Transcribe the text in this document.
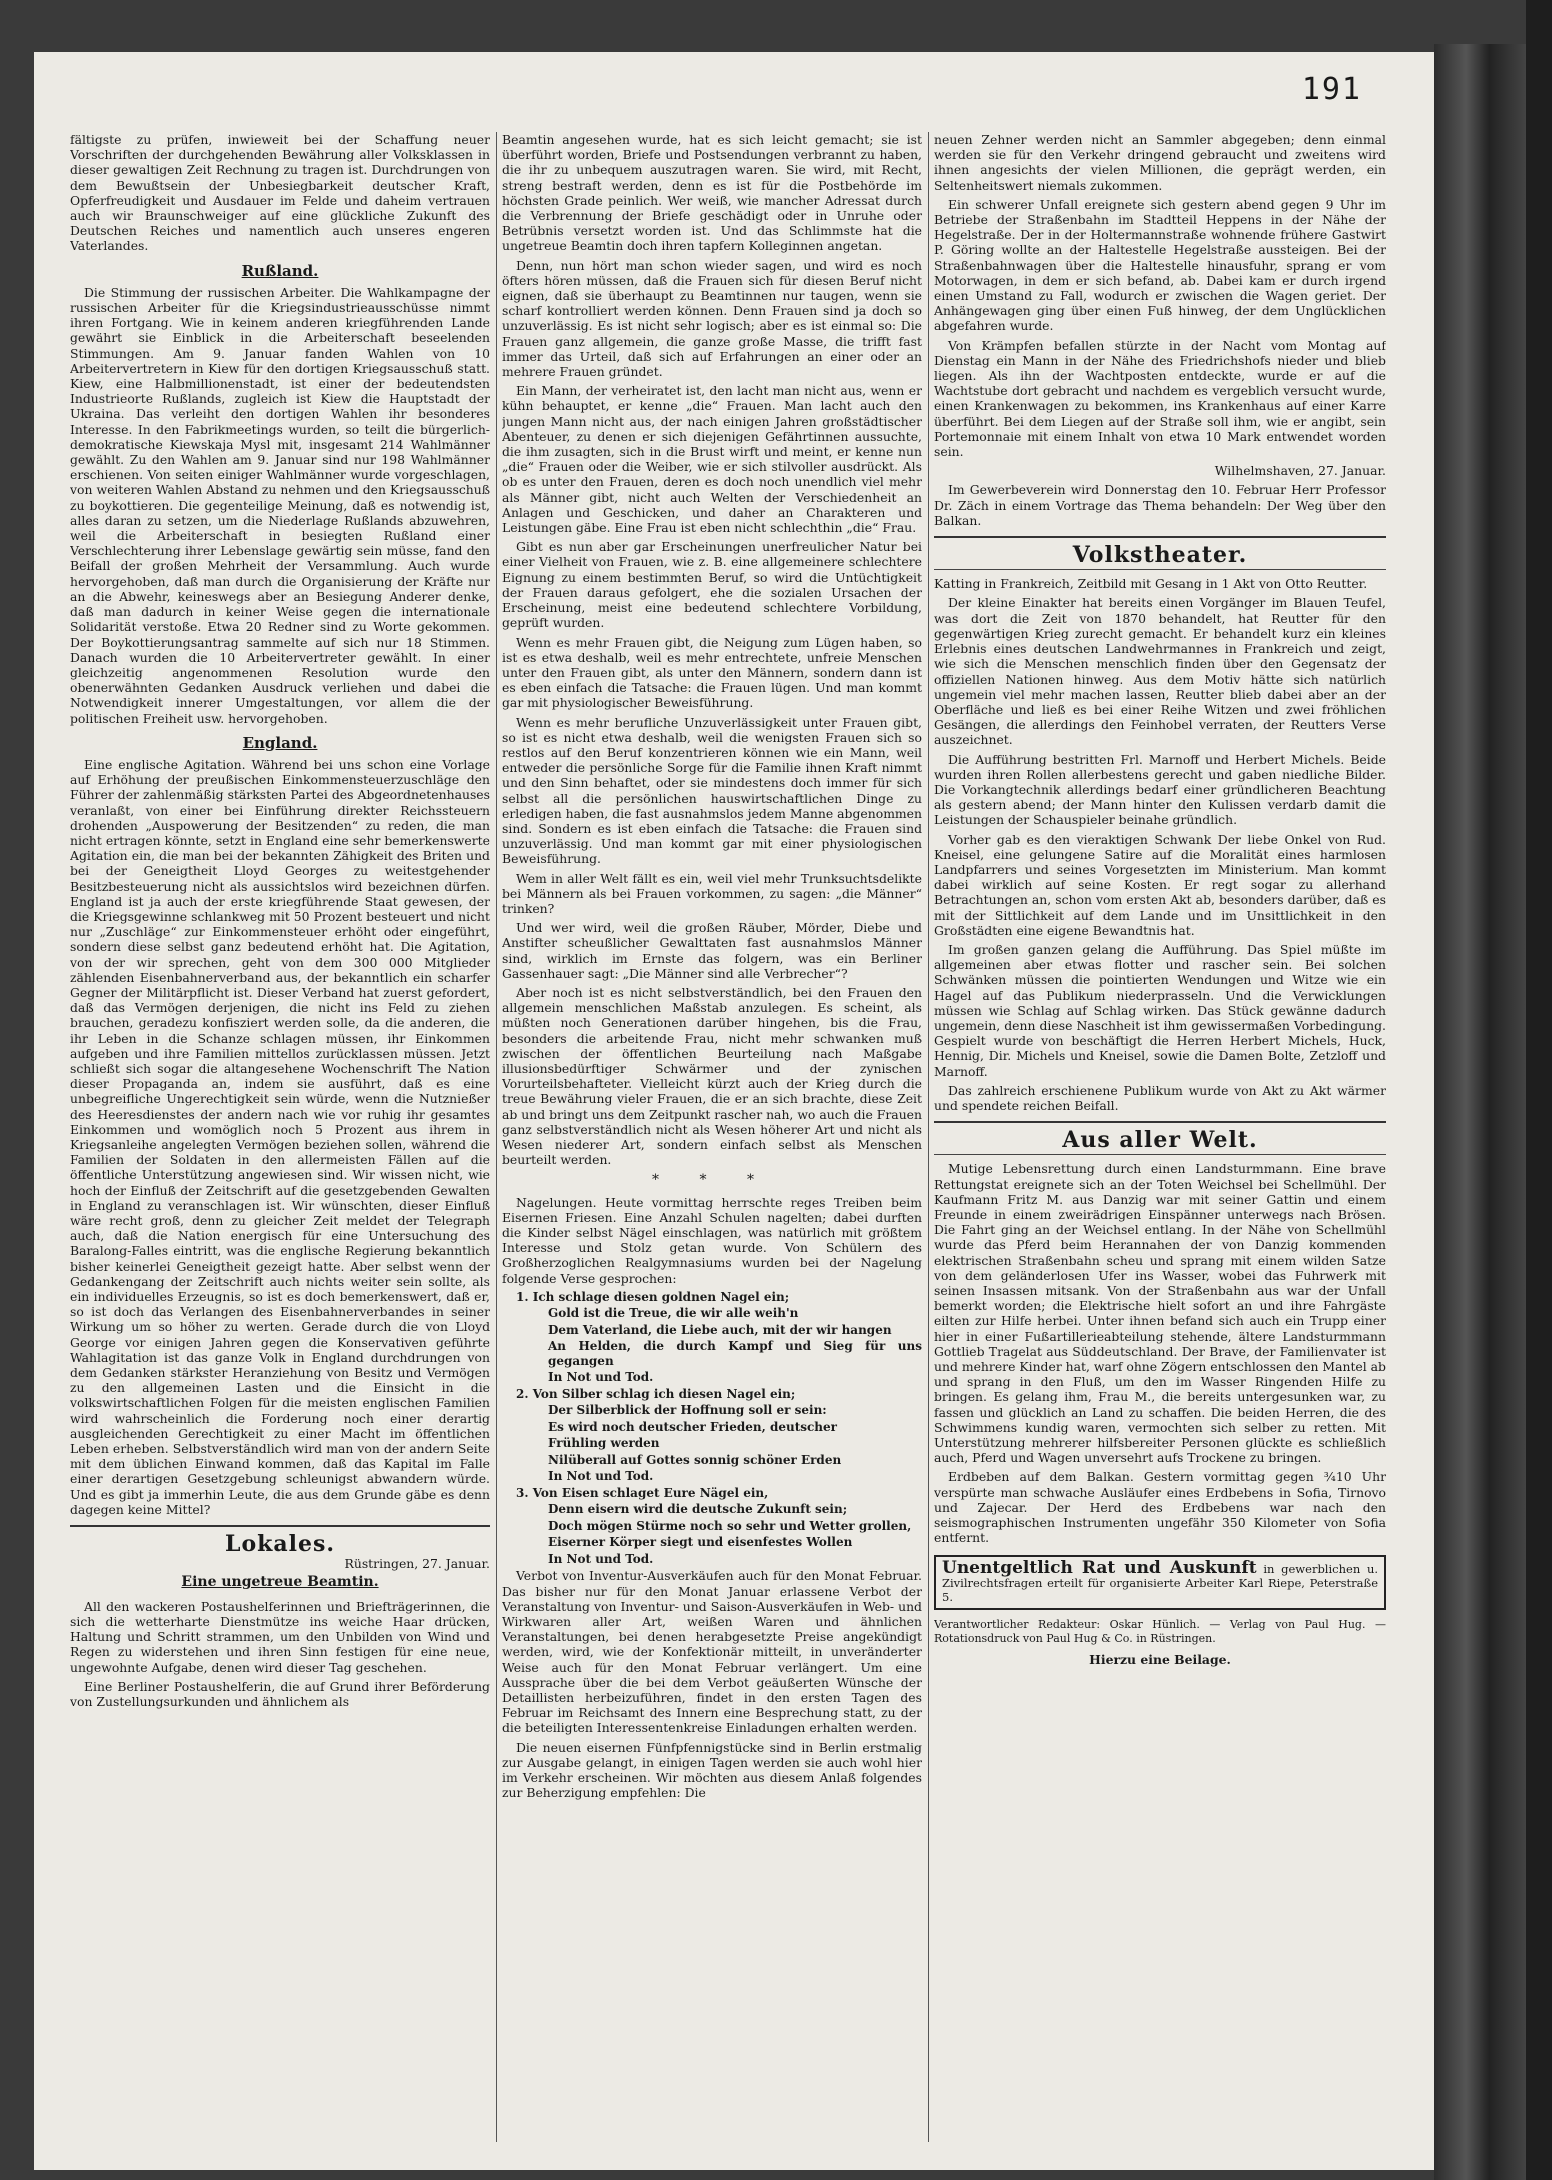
191

fältigste zu prüfen, inwieweit bei der Schaffung neuer Vorschriften der durchgehenden Bewährung aller Volksklassen in dieser gewaltigen Zeit Rechnung zu tragen ist. Durchdrungen von dem Bewußtsein der Unbesiegbarkeit deutscher Kraft, Opferfreudigkeit und Ausdauer im Felde und daheim vertrauen auch wir Braunschweiger auf eine glückliche Zukunft des Deutschen Reiches und namentlich auch unseres engeren Vaterlandes.

Rußland.

Die Stimmung der russischen Arbeiter. Die Wahlkampagne der russischen Arbeiter für die Kriegsindustrieausschüsse nimmt ihren Fortgang. Wie in keinem anderen kriegführenden Lande gewährt sie Einblick in die Arbeiterschaft beseelenden Stimmungen. Am 9. Januar fanden Wahlen von 10 Arbeitervertretern in Kiew für den dortigen Kriegsausschuß statt. Kiew, eine Halbmillionenstadt, ist einer der bedeutendsten Industrieorte Rußlands, zugleich ist Kiew die Hauptstadt der Ukraina. Das verleiht den dortigen Wahlen ihr besonderes Interesse. In den Fabrikmeetings wurden, so teilt die bürgerlich-demokratische Kiewskaja Mysl mit, insgesamt 214 Wahlmänner gewählt. Zu den Wahlen am 9. Januar sind nur 198 Wahlmänner erschienen. Von seiten einiger Wahlmänner wurde vorgeschlagen, von weiteren Wahlen Abstand zu nehmen und den Kriegsausschuß zu boykottieren. Die gegenteilige Meinung, daß es notwendig ist, alles daran zu setzen, um die Niederlage Rußlands abzuwehren, weil die Arbeiterschaft in besiegten Rußland einer Verschlechterung ihrer Lebenslage gewärtig sein müsse, fand den Beifall der großen Mehrheit der Versammlung. Auch wurde hervorgehoben, daß man durch die Organisierung der Kräfte nur an die Abwehr, keineswegs aber an Besiegung Anderer denke, daß man dadurch in keiner Weise gegen die internationale Solidarität verstoße. Etwa 20 Redner sind zu Worte gekommen. Der Boykottierungsantrag sammelte auf sich nur 18 Stimmen. Danach wurden die 10 Arbeitervertreter gewählt. In einer gleichzeitig angenommenen Resolution wurde den obenerwähnten Gedanken Ausdruck verliehen und dabei die Notwendigkeit innerer Umgestaltungen, vor allem die der politischen Freiheit usw. hervorgehoben.

England.

Eine englische Agitation. Während bei uns schon eine Vorlage auf Erhöhung der preußischen Einkommensteuerzuschläge den Führer der zahlenmäßig stärksten Partei des Abgeordnetenhauses veranlaßt, von einer bei Einführung direkter Reichssteuern drohenden „Auspowerung der Besitzenden“ zu reden, die man nicht ertragen könnte, setzt in England eine sehr bemerkenswerte Agitation ein, die man bei der bekannten Zähigkeit des Briten und bei der Geneigtheit Lloyd Georges zu weitestgehender Besitzbesteuerung nicht als aussichtslos wird bezeichnen dürfen. England ist ja auch der erste kriegführende Staat gewesen, der die Kriegsgewinne schlankweg mit 50 Prozent besteuert und nicht nur „Zuschläge“ zur Einkommensteuer erhöht oder eingeführt, sondern diese selbst ganz bedeutend erhöht hat. Die Agitation, von der wir sprechen, geht von dem 300 000 Mitglieder zählenden Eisenbahnerverband aus, der bekanntlich ein scharfer Gegner der Militärpflicht ist. Dieser Verband hat zuerst gefordert, daß das Vermögen derjenigen, die nicht ins Feld zu ziehen brauchen, geradezu konfisziert werden solle, da die anderen, die ihr Leben in die Schanze schlagen müssen, ihr Einkommen aufgeben und ihre Familien mittellos zurücklassen müssen. Jetzt schließt sich sogar die altangesehene Wochenschrift The Nation dieser Propaganda an, indem sie ausführt, daß es eine unbegreifliche Ungerechtigkeit sein würde, wenn die Nutznießer des Heeresdienstes der andern nach wie vor ruhig ihr gesamtes Einkommen und womöglich noch 5 Prozent aus ihrem in Kriegsanleihe angelegten Vermögen beziehen sollen, während die Familien der Soldaten in den allermeisten Fällen auf die öffentliche Unterstützung angewiesen sind. Wir wissen nicht, wie hoch der Einfluß der Zeitschrift auf die gesetzgebenden Gewalten in England zu veranschlagen ist. Wir wünschten, dieser Einfluß wäre recht groß, denn zu gleicher Zeit meldet der Telegraph auch, daß die Nation energisch für eine Untersuchung des Baralong-Falles eintritt, was die englische Regierung bekanntlich bisher keinerlei Geneigtheit gezeigt hatte. Aber selbst wenn der Gedankengang der Zeitschrift auch nichts weiter sein sollte, als ein individuelles Erzeugnis, so ist es doch bemerkenswert, daß er, so ist doch das Verlangen des Eisenbahnerverbandes in seiner Wirkung um so höher zu werten. Gerade durch die von Lloyd George vor einigen Jahren gegen die Konservativen geführte Wahlagitation ist das ganze Volk in England durchdrungen von dem Gedanken stärkster Heranziehung von Besitz und Vermögen zu den allgemeinen Lasten und die Einsicht in die volkswirtschaftlichen Folgen für die meisten englischen Familien wird wahrscheinlich die Forderung noch einer derartig ausgleichenden Gerechtigkeit zu einer Macht im öffentlichen Leben erheben. Selbstverständlich wird man von der andern Seite mit dem üblichen Einwand kommen, daß das Kapital im Falle einer derartigen Gesetzgebung schleunigst abwandern würde. Und es gibt ja immerhin Leute, die aus dem Grunde gäbe es denn dagegen keine Mittel?

Lokales.
Rüstringen, 27. Januar.
Eine ungetreue Beamtin.

All den wackeren Postaushelferinnen und Briefträgerinnen, die sich die wetterharte Dienstmütze ins weiche Haar drücken, Haltung und Schritt strammen, um den Unbilden von Wind und Regen zu widerstehen und ihren Sinn festigen für eine neue, ungewohnte Aufgabe, denen wird dieser Tag geschehen.

Eine Berliner Postaushelferin, die auf Grund ihrer Beförderung von Zustellungsurkunden und ähnlichem als

Beamtin angesehen wurde, hat es sich leicht gemacht; sie ist überführt worden, Briefe und Postsendungen verbrannt zu haben, die ihr zu unbequem auszutragen waren. Sie wird, mit Recht, streng bestraft werden, denn es ist für die Postbehörde im höchsten Grade peinlich. Wer weiß, wie mancher Adressat durch die Verbrennung der Briefe geschädigt oder in Unruhe oder Betrübnis versetzt worden ist. Und das Schlimmste hat die ungetreue Beamtin doch ihren tapfern Kolleginnen angetan.

Denn, nun hört man schon wieder sagen, und wird es noch öfters hören müssen, daß die Frauen sich für diesen Beruf nicht eignen, daß sie überhaupt zu Beamtinnen nur taugen, wenn sie scharf kontrolliert werden können. Denn Frauen sind ja doch so unzuverlässig. Es ist nicht sehr logisch; aber es ist einmal so: Die Frauen ganz allgemein, die ganze große Masse, die trifft fast immer das Urteil, daß sich auf Erfahrungen an einer oder an mehrere Frauen gründet.

Ein Mann, der verheiratet ist, den lacht man nicht aus, wenn er kühn behauptet, er kenne „die“ Frauen. Man lacht auch den jungen Mann nicht aus, der nach einigen Jahren großstädtischer Abenteuer, zu denen er sich diejenigen Gefährtinnen aussuchte, die ihm zusagten, sich in die Brust wirft und meint, er kenne nun „die“ Frauen oder die Weiber, wie er sich stilvoller ausdrückt. Als ob es unter den Frauen, deren es doch noch unendlich viel mehr als Männer gibt, nicht auch Welten der Verschiedenheit an Anlagen und Geschicken, und daher an Charakteren und Leistungen gäbe. Eine Frau ist eben nicht schlechthin „die“ Frau.

Gibt es nun aber gar Erscheinungen unerfreulicher Natur bei einer Vielheit von Frauen, wie z. B. eine allgemeinere schlechtere Eignung zu einem bestimmten Beruf, so wird die Untüchtigkeit der Frauen daraus gefolgert, ehe die sozialen Ursachen der Erscheinung, meist eine bedeutend schlechtere Vorbildung, geprüft wurden.

Wenn es mehr Frauen gibt, die Neigung zum Lügen haben, so ist es etwa deshalb, weil es mehr entrechtete, unfreie Menschen unter den Frauen gibt, als unter den Männern, sondern dann ist es eben einfach die Tatsache: die Frauen lügen. Und man kommt gar mit physiologischer Beweisführung.

Wenn es mehr berufliche Unzuverlässigkeit unter Frauen gibt, so ist es nicht etwa deshalb, weil die wenigsten Frauen sich so restlos auf den Beruf konzentrieren können wie ein Mann, weil entweder die persönliche Sorge für die Familie ihnen Kraft nimmt und den Sinn behaftet, oder sie mindestens doch immer für sich selbst all die persönlichen hauswirtschaftlichen Dinge zu erledigen haben, die fast ausnahmslos jedem Manne abgenommen sind. Sondern es ist eben einfach die Tatsache: die Frauen sind unzuverlässig. Und man kommt gar mit einer physiologischen Beweisführung.

Wem in aller Welt fällt es ein, weil viel mehr Trunksuchtsdelikte bei Männern als bei Frauen vorkommen, zu sagen: „die Männer“ trinken?

Und wer wird, weil die großen Räuber, Mörder, Diebe und Anstifter scheußlicher Gewalttaten fast ausnahmslos Männer sind, wirklich im Ernste das folgern, was ein Berliner Gassenhauer sagt: „Die Männer sind alle Verbrecher“?

Aber noch ist es nicht selbstverständlich, bei den Frauen den allgemein menschlichen Maßstab anzulegen. Es scheint, als müßten noch Generationen darüber hingehen, bis die Frau, besonders die arbeitende Frau, nicht mehr schwanken muß zwischen der öffentlichen Beurteilung nach Maßgabe illusionsbedürftiger Schwärmer und der zynischen Vorurteilsbehafteter. Vielleicht kürzt auch der Krieg durch die treue Bewährung vieler Frauen, die er an sich brachte, diese Zeit ab und bringt uns dem Zeitpunkt rascher nah, wo auch die Frauen ganz selbstverständlich nicht als Wesen höherer Art und nicht als Wesen niederer Art, sondern einfach selbst als Menschen beurteilt werden.

* * *

Nagelungen. Heute vormittag herrschte reges Treiben beim Eisernen Friesen. Eine Anzahl Schulen nagelten; dabei durften die Kinder selbst Nägel einschlagen, was natürlich mit größtem Interesse und Stolz getan wurde. Von Schülern des Großherzoglichen Realgymnasiums wurden bei der Nagelung folgende Verse gesprochen:

1. Ich schlage diesen goldnen Nagel ein;
Gold ist die Treue, die wir alle weih'n
Dem Vaterland, die Liebe auch, mit der wir hangen
An Helden, die durch Kampf und Sieg für uns gegangen
In Not und Tod.
2. Von Silber schlag ich diesen Nagel ein;
Der Silberblick der Hoffnung soll er sein:
Es wird noch deutscher Frieden, deutscher
Frühling werden
Nilüberall auf Gottes sonnig schöner Erden
In Not und Tod.
3. Von Eisen schlaget Eure Nägel ein,
Denn eisern wird die deutsche Zukunft sein;
Doch mögen Stürme noch so sehr und Wetter grollen,
Eiserner Körper siegt und eisenfestes Wollen
In Not und Tod.

Verbot von Inventur-Ausverkäufen auch für den Monat Februar. Das bisher nur für den Monat Januar erlassene Verbot der Veranstaltung von Inventur- und Saison-Ausverkäufen in Web- und Wirkwaren aller Art, weißen Waren und ähnlichen Veranstaltungen, bei denen herabgesetzte Preise angekündigt werden, wird, wie der Konfektionär mitteilt, in unveränderter Weise auch für den Monat Februar verlängert. Um eine Aussprache über die bei dem Verbot geäußerten Wünsche der Detaillisten herbeizuführen, findet in den ersten Tagen des Februar im Reichsamt des Innern eine Besprechung statt, zu der die beteiligten Interessentenkreise Einladungen erhalten werden.

Die neuen eisernen Fünfpfennigstücke sind in Berlin erstmalig zur Ausgabe gelangt, in einigen Tagen werden sie auch wohl hier im Verkehr erscheinen. Wir möchten aus diesem Anlaß folgendes zur Beherzigung empfehlen: Die

neuen Zehner werden nicht an Sammler abgegeben; denn einmal werden sie für den Verkehr dringend gebraucht und zweitens wird ihnen angesichts der vielen Millionen, die geprägt werden, ein Seltenheitswert niemals zukommen.

Ein schwerer Unfall ereignete sich gestern abend gegen 9 Uhr im Betriebe der Straßenbahn im Stadtteil Heppens in der Nähe der Hegelstraße. Der in der Holtermannstraße wohnende frühere Gastwirt P. Göring wollte an der Haltestelle Hegelstraße aussteigen. Bei der Straßenbahnwagen über die Haltestelle hinausfuhr, sprang er vom Motorwagen, in dem er sich befand, ab. Dabei kam er durch irgend einen Umstand zu Fall, wodurch er zwischen die Wagen geriet. Der Anhängewagen ging über einen Fuß hinweg, der dem Unglücklichen abgefahren wurde.

Von Krämpfen befallen stürzte in der Nacht vom Montag auf Dienstag ein Mann in der Nähe des Friedrichshofs nieder und blieb liegen. Als ihn der Wachtposten entdeckte, wurde er auf die Wachtstube dort gebracht und nachdem es vergeblich versucht wurde, einen Krankenwagen zu bekommen, ins Krankenhaus auf einer Karre überführt. Bei dem Liegen auf der Straße soll ihm, wie er angibt, sein Portemonnaie mit einem Inhalt von etwa 10 Mark entwendet worden sein.

Wilhelmshaven, 27. Januar.

Im Gewerbeverein wird Donnerstag den 10. Februar Herr Professor Dr. Zäch in einem Vortrage das Thema behandeln: Der Weg über den Balkan.

Volkstheater.

Katting in Frankreich, Zeitbild mit Gesang in 1 Akt von Otto Reutter.

Der kleine Einakter hat bereits einen Vorgänger im Blauen Teufel, was dort die Zeit von 1870 behandelt, hat Reutter für den gegenwärtigen Krieg zurecht gemacht. Er behandelt kurz ein kleines Erlebnis eines deutschen Landwehrmannes in Frankreich und zeigt, wie sich die Menschen menschlich finden über den Gegensatz der offiziellen Nationen hinweg. Aus dem Motiv hätte sich natürlich ungemein viel mehr machen lassen, Reutter blieb dabei aber an der Oberfläche und ließ es bei einer Reihe Witzen und zwei fröhlichen Gesängen, die allerdings den Feinhobel verraten, der Reutters Verse auszeichnet.

Die Aufführung bestritten Frl. Marnoff und Herbert Michels. Beide wurden ihren Rollen allerbestens gerecht und gaben niedliche Bilder. Die Vorkangtechnik allerdings bedarf einer gründlicheren Beachtung als gestern abend; der Mann hinter den Kulissen verdarb damit die Leistungen der Schauspieler beinahe gründlich.

Vorher gab es den vieraktigen Schwank Der liebe Onkel von Rud. Kneisel, eine gelungene Satire auf die Moralität eines harmlosen Landpfarrers und seines Vorgesetzten im Ministerium. Man kommt dabei wirklich auf seine Kosten. Er regt sogar zu allerhand Betrachtungen an, schon vom ersten Akt ab, besonders darüber, daß es mit der Sittlichkeit auf dem Lande und im Unsittlichkeit in den Großstädten eine eigene Bewandtnis hat.

Im großen ganzen gelang die Aufführung. Das Spiel müßte im allgemeinen aber etwas flotter und rascher sein. Bei solchen Schwänken müssen die pointierten Wendungen und Witze wie ein Hagel auf das Publikum niederprasseln. Und die Verwicklungen müssen wie Schlag auf Schlag wirken. Das Stück gewänne dadurch ungemein, denn diese Naschheit ist ihm gewissermaßen Vorbedingung. Gespielt wurde von beschäftigt die Herren Herbert Michels, Huck, Hennig, Dir. Michels und Kneisel, sowie die Damen Bolte, Zetzloff und Marnoff.

Das zahlreich erschienene Publikum wurde von Akt zu Akt wärmer und spendete reichen Beifall.

Aus aller Welt.

Mutige Lebensrettung durch einen Landsturmmann. Eine brave Rettungstat ereignete sich an der Toten Weichsel bei Schellmühl. Der Kaufmann Fritz M. aus Danzig war mit seiner Gattin und einem Freunde in einem zweirädrigen Einspänner unterwegs nach Brösen. Die Fahrt ging an der Weichsel entlang. In der Nähe von Schellmühl wurde das Pferd beim Herannahen der von Danzig kommenden elektrischen Straßenbahn scheu und sprang mit einem wilden Satze von dem geländerlosen Ufer ins Wasser, wobei das Fuhrwerk mit seinen Insassen mitsank. Von der Straßenbahn aus war der Unfall bemerkt worden; die Elektrische hielt sofort an und ihre Fahrgäste eilten zur Hilfe herbei. Unter ihnen befand sich auch ein Trupp einer hier in einer Fußartillerieabteilung stehende, ältere Landsturmmann Gottlieb Tragelat aus Süddeutschland. Der Brave, der Familienvater ist und mehrere Kinder hat, warf ohne Zögern entschlossen den Mantel ab und sprang in den Fluß, um den im Wasser Ringenden Hilfe zu bringen. Es gelang ihm, Frau M., die bereits untergesunken war, zu fassen und glücklich an Land zu schaffen. Die beiden Herren, die des Schwimmens kundig waren, vermochten sich selber zu retten. Mit Unterstützung mehrerer hilfsbereiter Personen glückte es schließlich auch, Pferd und Wagen unversehrt aufs Trockene zu bringen.

Erdbeben auf dem Balkan. Gestern vormittag gegen ¾10 Uhr verspürte man schwache Ausläufer eines Erdbebens in Sofia, Tirnovo und Zajecar. Der Herd des Erdbebens war nach den seismographischen Instrumenten ungefähr 350 Kilometer von Sofia entfernt.

Unentgeltlich Rat und Auskunft in gewerblichen u. Zivilrechtsfragen erteilt für organisierte Arbeiter Karl Riepe, Peterstraße 5.
Verantwortlicher Redakteur: Oskar Hünlich. — Verlag von Paul Hug. — Rotationsdruck von Paul Hug & Co. in Rüstringen.
Hierzu eine Beilage.
